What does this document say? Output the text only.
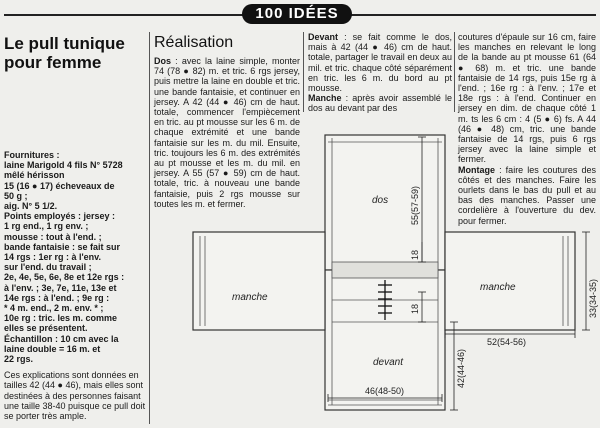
100 IDÉES
Le pull tunique
pour femme
Fournitures :
laine Marigold 4 fils N° 5728
mêlé hérisson
15 (16 ● 17) écheveaux de
50 g ;
aig. N° 5 1/2.
Points employés : jersey :
1 rg end., 1 rg env. ;
mousse : tout à l'end. ;
bande fantaisie : se fait sur
14 rgs : 1er rg : à l'env.
sur l'end. du travail ;
2e, 4e, 5e, 6e, 8e et 12e rgs :
à l'env. ; 3e, 7e, 11e, 13e et
14e rgs : à l'end. ; 9e rg :
* 4 m. end., 2 m. env. * ;
10e rg : tric. les m. comme
elles se présentent.
Échantillon : 10 cm avec la
laine double = 16 m. et
22 rgs.
Ces explications sont données en tailles 42 (44 ● 46), mais elles sont destinées à des personnes faisant une taille 38-40 puisque ce pull doit se porter très ample.
Réalisation
Dos : avec la laine simple, monter 74 (78 ● 82) m. et tric. 6 rgs jersey, puis mettre la laine en double et tric. une bande fantaisie, et continuer en jersey. A 42 (44 ● 46) cm de haut. totale, commencer l'empiècement en tric. au pt mousse sur les 6 m. de chaque extrémité et une bande fantaisie sur les m. du mil. Ensuite, tric. toujours les 6 m. des extrémités au pt mousse et les m. du mil. en jersey. A 55 (57 ● 59) cm de haut. totale, tric. à nouveau une bande fantaisie, puis 2 rgs mousse sur toutes les m. et fermer.
Devant : se fait comme le dos, mais à 42 (44 ● 46) cm de haut. totale, partager le travail en deux au mil. et tric. chaque côté séparément en tric. les 6 m. du bord au pt mousse.
Manche : après avoir assemblé le dos au devant par des
coutures d'épaule sur 16 cm, faire les manches en relevant le long de la bande au pt mousse 61 (64 ● 68) m. et tric. une bande fantaisie de 14 rgs, puis 15e rg à l'end. ; 16e rg : à l'env. ; 17e et 18e rgs : à l'end. Continuer en jersey en dim. de chaque côté 1 m. ts les 6 cm : 4 (5 ● 6) fs. A 44 (46 ● 48) cm, tric. une bande fantaisie de 14 rgs, puis 6 rgs jersey avec la laine simple et fermer.
Montage : faire les coutures des côtés et des manches. Faire les ourlets dans le bas du pull et au bas des manches. Passer une cordelière à l'ouverture du dev. pour fermer.
dos
devant
manche
manche
55(57-59)
18
18
52(54-56)
33(34-35)
46(48-50)
42(44-46)
